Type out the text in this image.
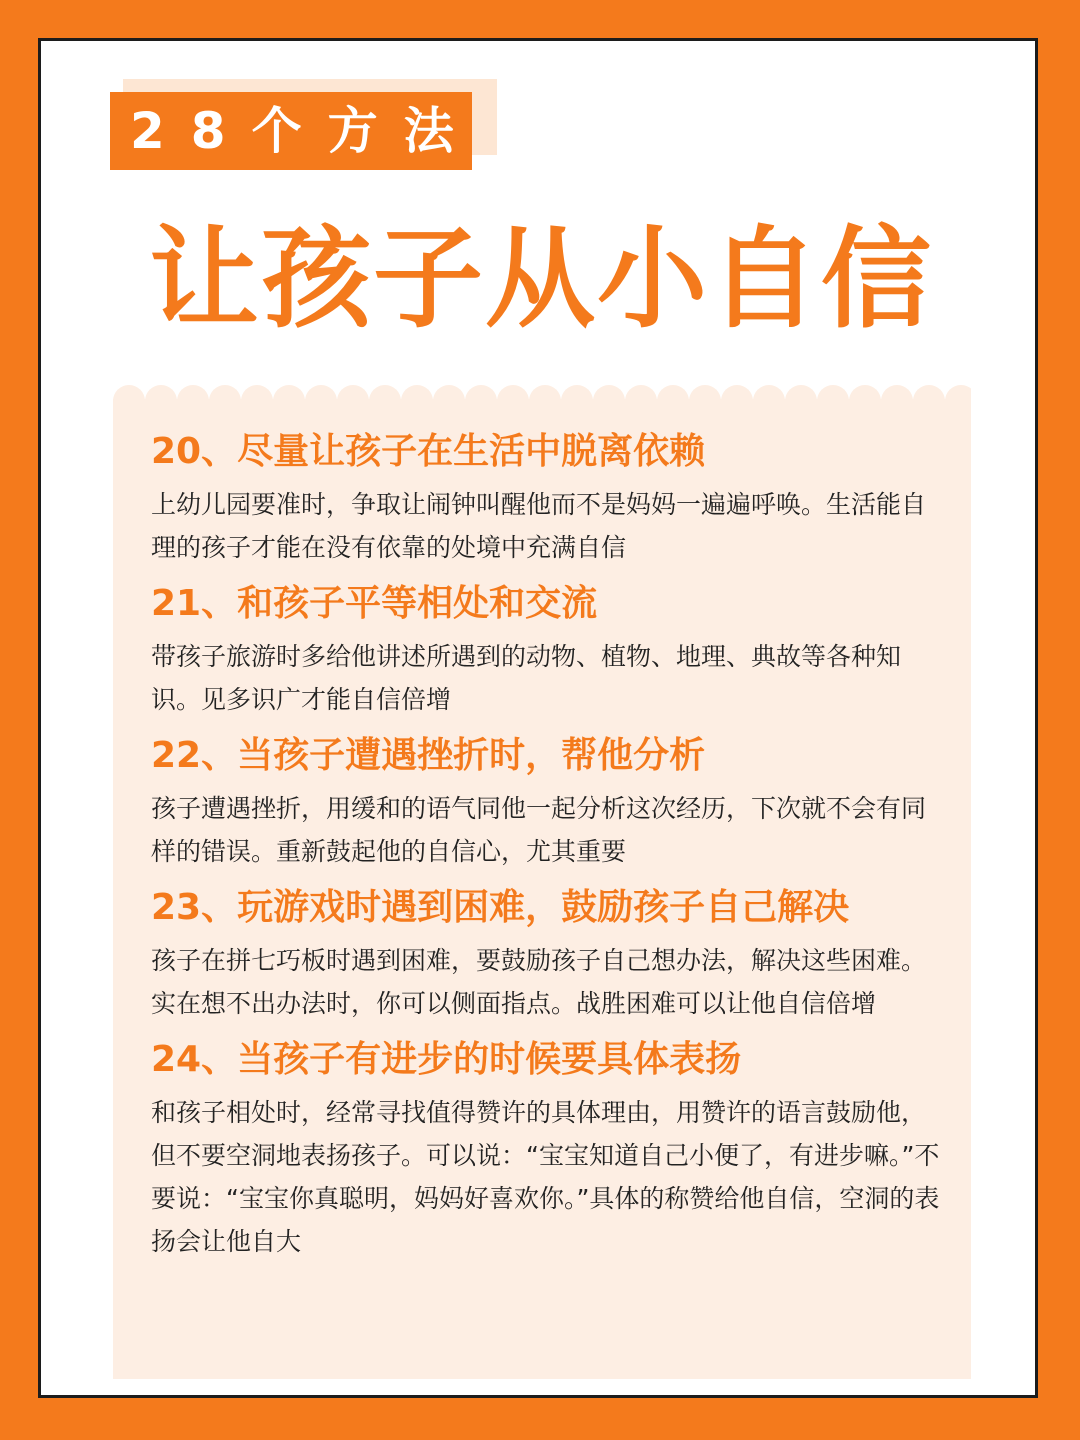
28个方法
让孩子从小自信
20、尽量让孩子在生活中脱离依赖
上幼儿园要准时，争取让闹钟叫醒他而不是妈妈一遍遍呼唤。生活能自理的孩子才能在没有依靠的处境中充满自信
21、和孩子平等相处和交流
带孩子旅游时多给他讲述所遇到的动物、植物、地理、典故等各种知识。见多识广才能自信倍增
22、当孩子遭遇挫折时，帮他分析
孩子遭遇挫折，用缓和的语气同他一起分析这次经历，下次就不会有同样的错误。重新鼓起他的自信心，尤其重要
23、玩游戏时遇到困难，鼓励孩子自己解决
孩子在拼七巧板时遇到困难，要鼓励孩子自己想办法，解决这些困难。实在想不出办法时，你可以侧面指点。战胜困难可以让他自信倍增
24、当孩子有进步的时候要具体表扬
和孩子相处时，经常寻找值得赞许的具体理由，用赞许的语言鼓励他，但不要空洞地表扬孩子。可以说：“宝宝知道自己小便了，有进步嘛。”不要说：“宝宝你真聪明，妈妈好喜欢你。”具体的称赞给他自信，空洞的表扬会让他自大
